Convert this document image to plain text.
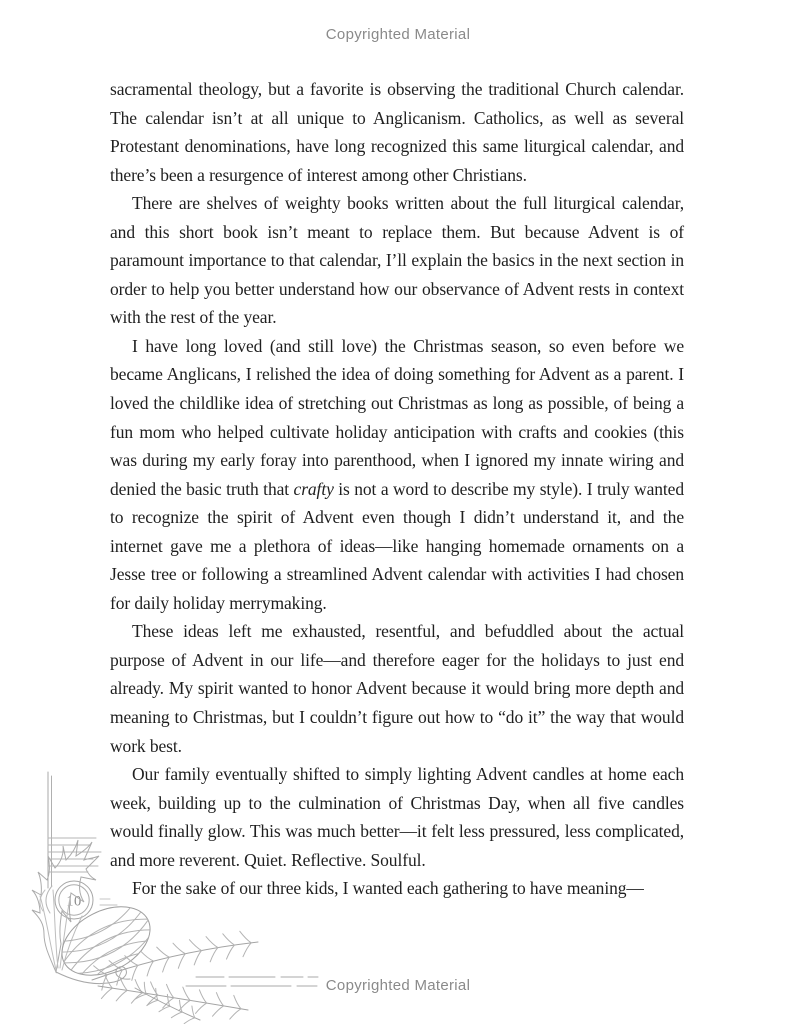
Copyrighted Material

sacramental theology, but a favorite is observing the traditional Church calendar. The calendar isn’t at all unique to Anglicanism. Catholics, as well as several Protestant denominations, have long recognized this same liturgical calendar, and there’s been a resurgence of interest among other Christians.

There are shelves of weighty books written about the full liturgical calendar, and this short book isn’t meant to replace them. But because Advent is of paramount importance to that calendar, I’ll explain the basics in the next section in order to help you better understand how our observance of Advent rests in context with the rest of the year.

I have long loved (and still love) the Christmas season, so even before we became Anglicans, I relished the idea of doing something for Advent as a parent. I loved the childlike idea of stretching out Christmas as long as possible, of being a fun mom who helped cultivate holiday anticipation with crafts and cookies (this was during my early foray into parenthood, when I ignored my innate wiring and denied the basic truth that crafty is not a word to describe my style). I truly wanted to recognize the spirit of Advent even though I didn’t understand it, and the internet gave me a plethora of ideas—like hanging homemade ornaments on a Jesse tree or following a streamlined Advent calendar with activities I had chosen for daily holiday merrymaking.

These ideas left me exhausted, resentful, and befuddled about the actual purpose of Advent in our life—and therefore eager for the holidays to just end already. My spirit wanted to honor Advent because it would bring more depth and meaning to Christmas, but I couldn’t figure out how to “do it” the way that would work best.

Our family eventually shifted to simply lighting Advent candles at home each week, building up to the culmination of Christmas Day, when all five candles would finally glow. This was much better—it felt less pressured, less complicated, and more reverent. Quiet. Reflective. Soulful.

For the sake of our three kids, I wanted each gathering to have meaning—

10
Copyrighted Material
